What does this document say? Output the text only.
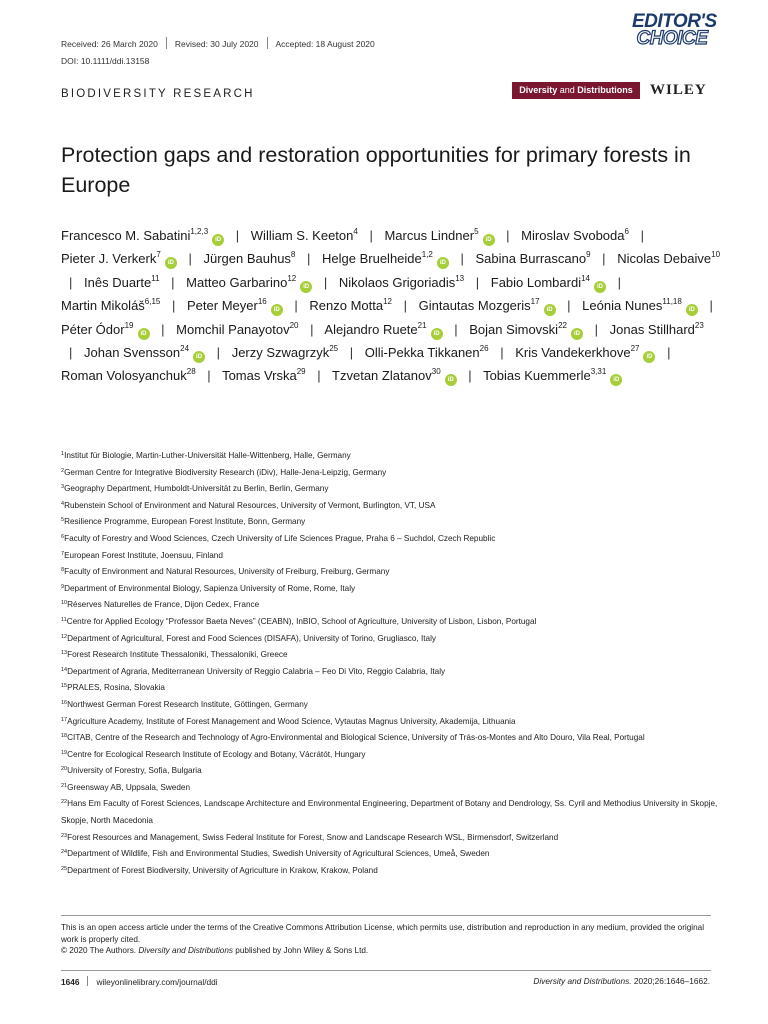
Received: 26 March 2020 Revised: 30 July 2020 Accepted: 18 August 2020
DOI: 10.1111/ddi.13158
EDITOR'S
CHOICE
BIODIVERSITY RESEARCH	Diversity and Distributions	WILEY
Protection gaps and restoration opportunities for primary forests in Europe
Francesco M. Sabatini$^{1,2,3}$iD | William S. Keeton$^4$ | Marcus Lindner$^5$iD | Miroslav Svoboda$^6$ | Pieter J. Verkerk$^7$iD | Jürgen Bauhus$^8$ | Helge Bruelheide$^{1,2}$iD | Sabina Burrascano$^9$ | Nicolas Debaive$^{10}$ | Inês Duarte$^{11}$ | Matteo Garbarino$^{12}$iD | Nikolaos Grigoriadis$^{13}$ | Fabio Lombardi$^{14}$iD | Martin Mikoláš$^{6,15}$ | Peter Meyer$^{16}$iD | Renzo Motta$^{12}$ | Gintautas Mozgeris$^{17}$iD | Leónia Nunes$^{11,18}$iD | Péter Ódor$^{19}$iD | Momchil Panayotov$^{20}$ | Alejandro Ruete$^{21}$iD | Bojan Simovski$^{22}$iD | Jonas Stillhard$^{23}$ | Johan Svensson$^{24}$iD | Jerzy Szwagrzyk$^{25}$ | Olli-Pekka Tikkanen$^{26}$ | Kris Vandekerkhove$^{27}$iD | Roman Volosyanchuk$^{28}$ | Tomas Vrska$^{29}$ | Tzvetan Zlatanov$^{30}$iD | Tobias Kuemmerle$^{3,31}$iD
$^1$Institut für Biologie, Martin-Luther-Universität Halle-Wittenberg, Halle, Germany
$^2$German Centre for Integrative Biodiversity Research (iDiv), Halle-Jena-Leipzig, Germany
$^3$Geography Department, Humboldt-Universität zu Berlin, Berlin, Germany
$^4$Rubenstein School of Environment and Natural Resources, University of Vermont, Burlington, VT, USA
$^5$Resilience Programme, European Forest Institute, Bonn, Germany
$^6$Faculty of Forestry and Wood Sciences, Czech University of Life Sciences Prague, Praha 6 – Suchdol, Czech Republic
$^7$European Forest Institute, Joensuu, Finland
$^8$Faculty of Environment and Natural Resources, University of Freiburg, Freiburg, Germany
$^9$Department of Environmental Biology, Sapienza University of Rome, Rome, Italy
$^{10}$Réserves Naturelles de France, Dijon Cedex, France
$^{11}$Centre for Applied Ecology “Professor Baeta Neves” (CEABN), InBIO, School of Agriculture, University of Lisbon, Lisbon, Portugal
$^{12}$Department of Agricultural, Forest and Food Sciences (DISAFA), University of Torino, Grugliasco, Italy
$^{13}$Forest Research Institute Thessaloniki, Thessaloniki, Greece
$^{14}$Department of Agraria, Mediterranean University of Reggio Calabria – Feo Di Vito, Reggio Calabria, Italy
$^{15}$PRALES, Rosina, Slovakia
$^{16}$Northwest German Forest Research Institute, Göttingen, Germany
$^{17}$Agriculture Academy, Institute of Forest Management and Wood Science, Vytautas Magnus University, Akademija, Lithuania
$^{18}$CITAB, Centre of the Research and Technology of Agro-Environmental and Biological Science, University of Trás-os-Montes and Alto Douro, Vila Real, Portugal
$^{19}$Centre for Ecological Research Institute of Ecology and Botany, Vácrátót, Hungary
$^{20}$University of Forestry, Sofia, Bulgaria
$^{21}$Greensway AB, Uppsala, Sweden
$^{22}$Hans Em Faculty of Forest Sciences, Landscape Architecture and Environmental Engineering, Department of Botany and Dendrology, Ss. Cyril and Methodius University in Skopje, Skopje, North Macedonia
$^{23}$Forest Resources and Management, Swiss Federal Institute for Forest, Snow and Landscape Research WSL, Birmensdorf, Switzerland
$^{24}$Department of Wildlife, Fish and Environmental Studies, Swedish University of Agricultural Sciences, Umeå, Sweden
$^{25}$Department of Forest Biodiversity, University of Agriculture in Krakow, Krakow, Poland
This is an open access article under the terms of the Creative Commons Attribution License, which permits use, distribution and reproduction in any medium, provided the original work is properly cited.
© 2020 The Authors. Diversity and Distributions published by John Wiley & Sons Ltd.
1646 wileyonlinelibrary.com/journal/ddi	Diversity and Distributions. 2020;26:1646–1662.
